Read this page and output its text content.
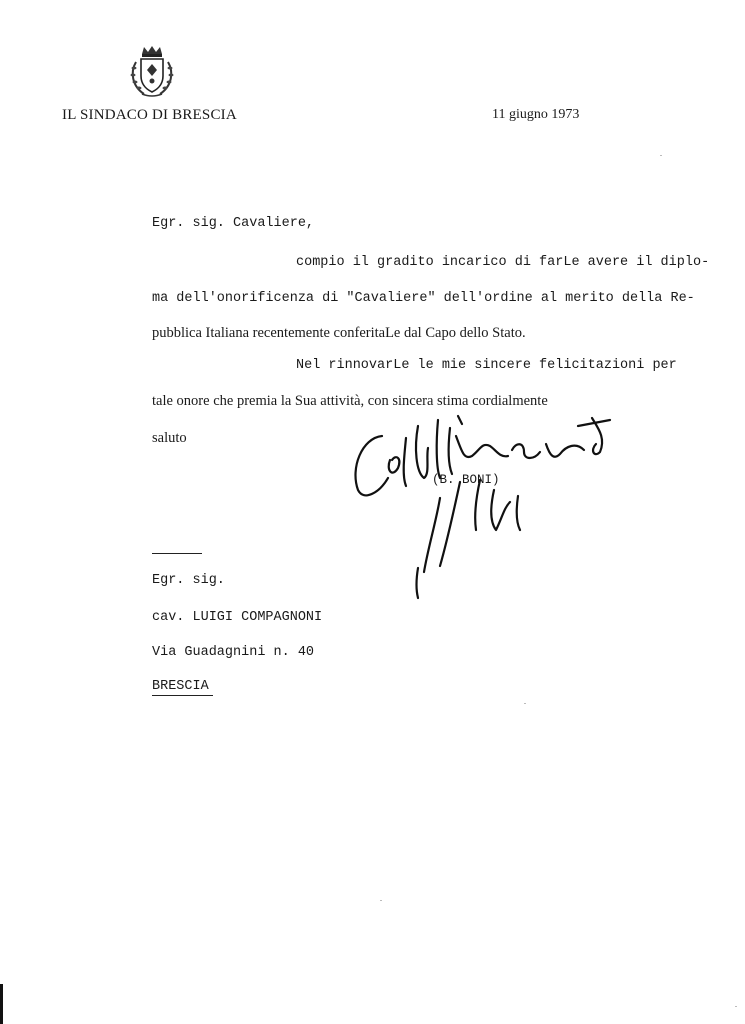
IL SINDACO DI BRESCIA	11 giugno 1973
Egr. sig. Cavaliere,
compio il gradito incarico di farLe avere il diplo-
ma dell'onorificenza di "Cavaliere" dell'ordine al merito della Re-
pubblica Italiana recentemente conferitaLe dal Capo dello Stato.
Nel rinnovarLe le mie sincere felicitazioni per
tale onore che premia la Sua attività, con sincera stima cordialmente
saluto
(B. BONI)
Egr. sig.
cav. LUIGI COMPAGNONI
Via Guadagnini n. 40
BRESCIA
